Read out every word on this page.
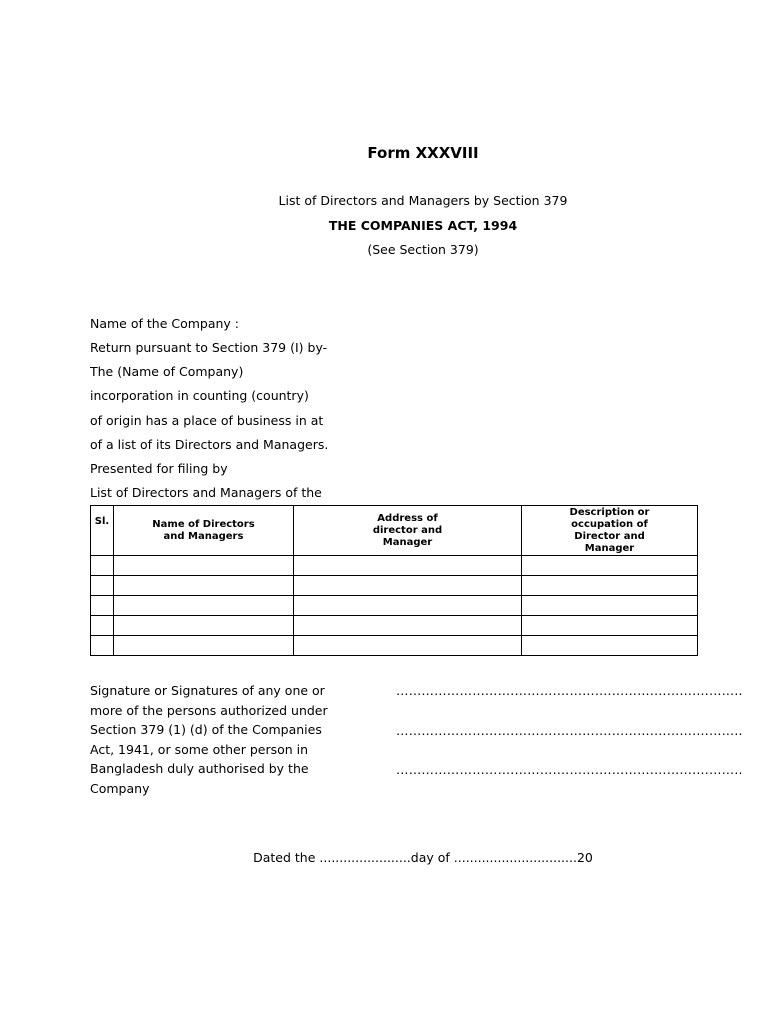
Form XXXVIII
List of Directors and Managers by Section 379
THE COMPANIES ACT, 1994
(See Section 379)
Name of the Company :
Return pursuant to Section 379 (I) by-
The (Name of Company)
incorporation in counting (country)
of origin has a place of business in at
of a list of its Directors and Managers.
Presented for filing by
List of Directors and Managers of the
Sl.	Name of Directors and Managers	Address of director and Manager	Description or occupation of Director and Manager

Signature or Signatures of any one or more of the persons authorized under Section 379 (1) (d) of the Companies Act, 1941, or some other person in Bangladesh duly authorised by the Company
……………………….……….………….……….……….………..
……………………….……….………….……….……….………..
……………………….……….………….……….……….………..
Dated the .......................day of ...............................20
